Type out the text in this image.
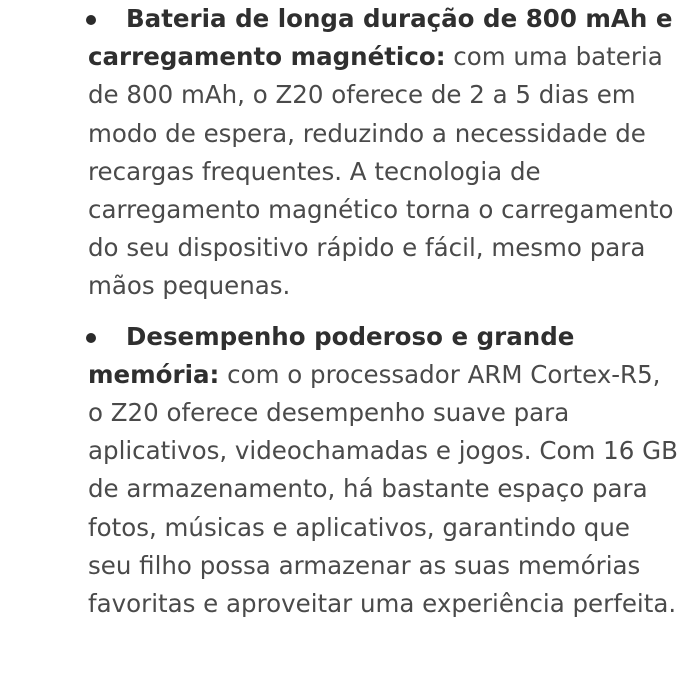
Bateria de longa duração de 800 mAh e carregamento magnético: com uma bateria de 800 mAh, o Z20 oferece de 2 a 5 dias em modo de espera, reduzindo a necessidade de recargas frequentes. A tecnologia de carregamento magnético torna o carregamento do seu dispositivo rápido e fácil, mesmo para mãos pequenas.
Desempenho poderoso e grande memória: com o processador ARM Cortex-R5, o Z20 oferece desempenho suave para aplicativos, videochamadas e jogos. Com 16 GB de armazenamento, há bastante espaço para fotos, músicas e aplicativos, garantindo que seu filho possa armazenar as suas memórias favoritas e aproveitar uma experiência perfeita.
